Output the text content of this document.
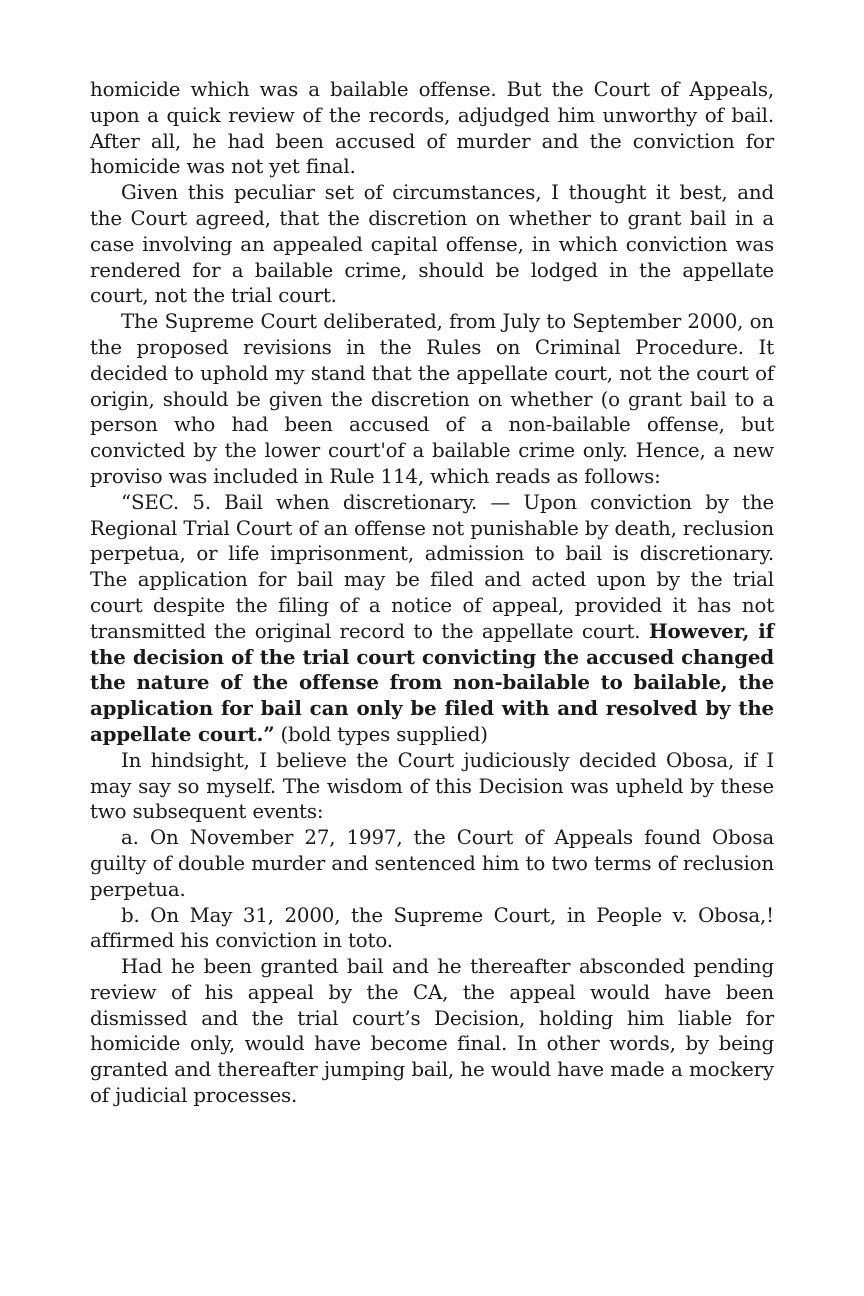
homicide which was a bailable offense. But the Court of Appeals, upon a quick review of the records, adjudged him unworthy of bail. After all, he had been accused of murder and the conviction for homicide was not yet final.

Given this peculiar set of circumstances, I thought it best, and the Court agreed, that the discretion on whether to grant bail in a case involving an appealed capital offense, in which conviction was rendered for a bailable crime, should be lodged in the appellate court, not the trial court.

The Supreme Court deliberated, from July to September 2000, on the proposed revisions in the Rules on Criminal Procedure. It decided to uphold my stand that the appellate court, not the court of origin, should be given the discretion on whether (o grant bail to a person who had been accused of a non-bailable offense, but convicted by the lower court'of a bailable crime only. Hence, a new proviso was included in Rule 114, which reads as follows:

“SEC. 5. Bail when discretionary. — Upon conviction by the Regional Trial Court of an offense not punishable by death, reclusion perpetua, or life imprisonment, admission to bail is discretionary. The application for bail may be filed and acted upon by the trial court despite the filing of a notice of appeal, provided it has not transmitted the original record to the appellate court. However, if the decision of the trial court convicting the accused changed the nature of the offense from non-bailable to bailable, the application for bail can only be filed with and resolved by the appellate court.” (bold types supplied)

In hindsight, I believe the Court judiciously decided Obosa, if I may say so myself. The wisdom of this Decision was upheld by these two subsequent events:

a. On November 27, 1997, the Court of Appeals found Obosa guilty of double murder and sentenced him to two terms of reclusion perpetua.

b. On May 31, 2000, the Supreme Court, in People v. Obosa,! affirmed his conviction in toto.

Had he been granted bail and he thereafter absconded pending review of his appeal by the CA, the appeal would have been dismissed and the trial court’s Decision, holding him liable for homicide only, would have become final. In other words, by being granted and thereafter jumping bail, he would have made a mockery of judicial processes.
